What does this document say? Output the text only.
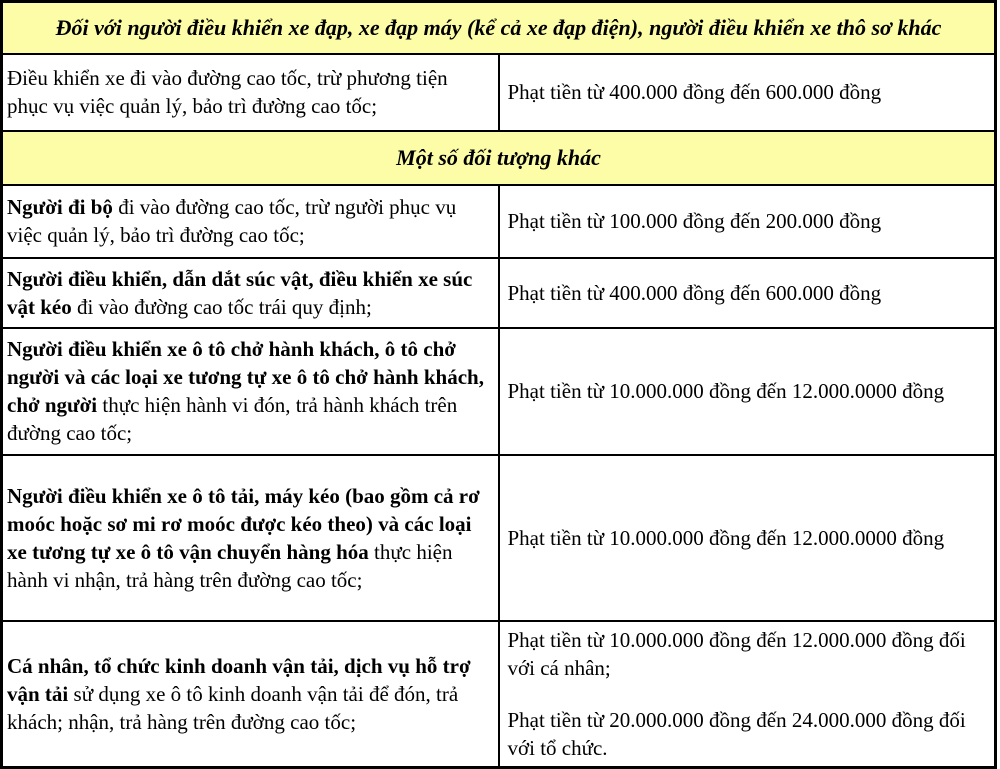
Đối với người điều khiển xe đạp, xe đạp máy (kể cả xe đạp điện), người điều khiển xe thô sơ khác	
Điều khiển xe đi vào đường cao tốc, trừ phương tiện phục vụ việc quản lý, bảo trì đường cao tốc;	Phạt tiền từ 400.000 đồng đến 600.000 đồng

Một số đối tượng khác	
Người đi bộ đi vào đường cao tốc, trừ người phục vụ việc quản lý, bảo trì đường cao tốc;	Phạt tiền từ 100.000 đồng đến 200.000 đồng

Người điều khiển, dẫn dắt súc vật, điều khiển xe súc vật kéo đi vào đường cao tốc trái quy định;	Phạt tiền từ 400.000 đồng đến 600.000 đồng

Người điều khiển xe ô tô chở hành khách, ô tô chở người và các loại xe tương tự xe ô tô chở hành khách, chở người thực hiện hành vi đón, trả hành khách trên đường cao tốc;	Phạt tiền từ 10.000.000 đồng đến 12.000.0000 đồng

Người điều khiển xe ô tô tải, máy kéo (bao gồm cả rơ moóc hoặc sơ mi rơ moóc được kéo theo) và các loại xe tương tự xe ô tô vận chuyển hàng hóa thực hiện hành vi nhận, trả hàng trên đường cao tốc;	Phạt tiền từ 10.000.000 đồng đến 12.000.0000 đồng

Cá nhân, tổ chức kinh doanh vận tải, dịch vụ hỗ trợ vận tải sử dụng xe ô tô kinh doanh vận tải để đón, trả khách; nhận, trả hàng trên đường cao tốc;	Phạt tiền từ 10.000.000 đồng đến 12.000.000 đồng đối với cá nhân;

Phạt tiền từ 20.000.000 đồng đến 24.000.000 đồng đối với tổ chức.
